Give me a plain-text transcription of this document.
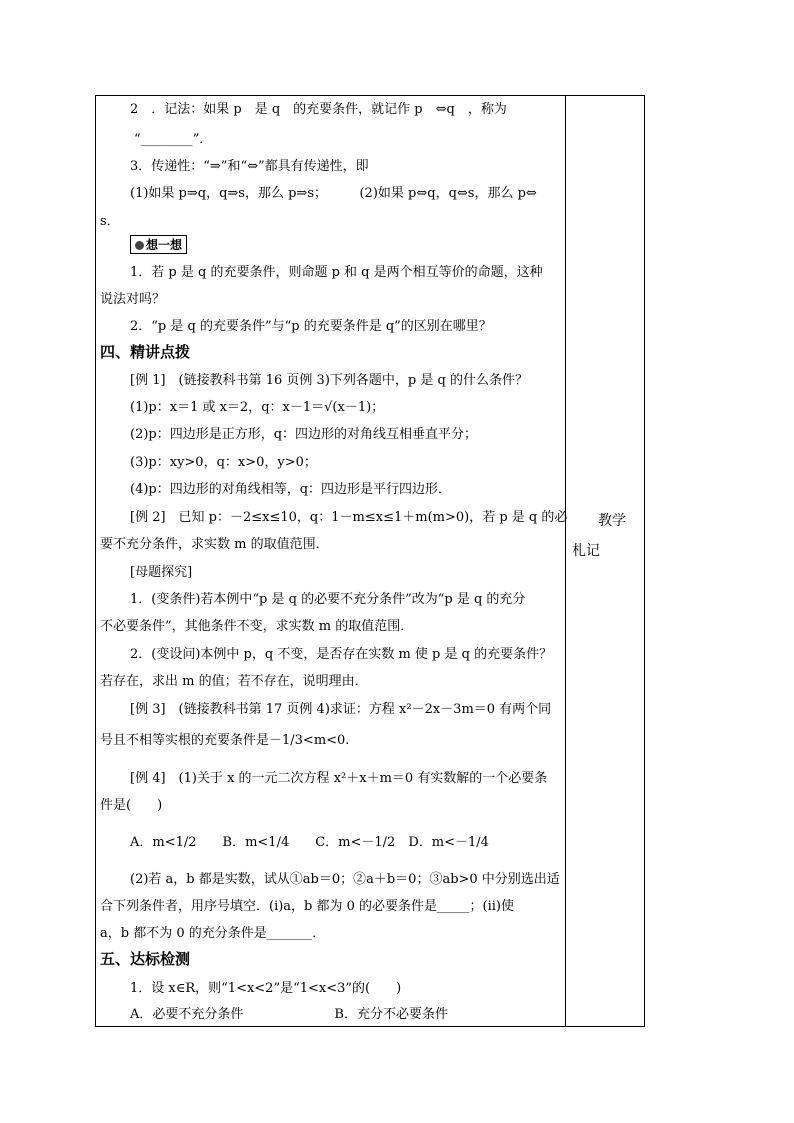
2　．记法：如果 p　是 q　的充要条件，就记作 p　⇔q　，称为
“________”．
3．传递性：“⇒”和“⇔”都具有传递性，即
(1)如果 p⇒q，q⇒s，那么 p⇒s；　　　(2)如果 p⇔q，q⇔s，那么 p⇔
s．
想一想
1．若 p 是 q 的充要条件，则命题 p 和 q 是两个相互等价的命题，这种
说法对吗？
2．“p 是 q 的充要条件”与“p 的充要条件是 q”的区别在哪里？
四、精讲点拨
[例 1]　(链接教科书第 16 页例 3)下列各题中，p 是 q 的什么条件？
(1)p：x＝1 或 x＝2，q：x－1＝√(x－1)；
(2)p：四边形是正方形，q：四边形的对角线互相垂直平分；
(3)p：xy>0，q：x>0，y>0；
(4)p：四边形的对角线相等，q：四边形是平行四边形．
[例 2]　已知 p：－2≤x≤10，q：1－m≤x≤1＋m(m>0)，若 p 是 q 的必
要不充分条件，求实数 m 的取值范围．
[母题探究]
1．(变条件)若本例中“p 是 q 的必要不充分条件”改为“p 是 q 的充分
不必要条件”，其他条件不变，求实数 m 的取值范围．
2．(变设问)本例中 p，q 不变，是否存在实数 m 使 p 是 q 的充要条件？
若存在，求出 m 的值；若不存在，说明理由．
[例 3]　(链接教科书第 17 页例 4)求证：方程 x²－2x－3m＝0 有两个同
号且不相等实根的充要条件是－1/3<m<0.
[例 4]　(1)关于 x 的一元二次方程 x²＋x＋m＝0 有实数解的一个必要条
件是(　　)
A．m<1/2　　B．m<1/4　　C．m<－1/2　D．m<－1/4
(2)若 a，b 都是实数，试从①ab＝0；②a＋b＝0；③ab>0 中分别选出适
合下列条件者，用序号填空．(ⅰ)a，b 都为 0 的必要条件是_____；(ⅱ)使
a，b 都不为 0 的充分条件是_______．
五、达标检测
1．设 x∈R，则“1<x<2”是“1<x<3”的(　　)
A．必要不充分条件　　　　　　　B．充分不必要条件
教学
札记
